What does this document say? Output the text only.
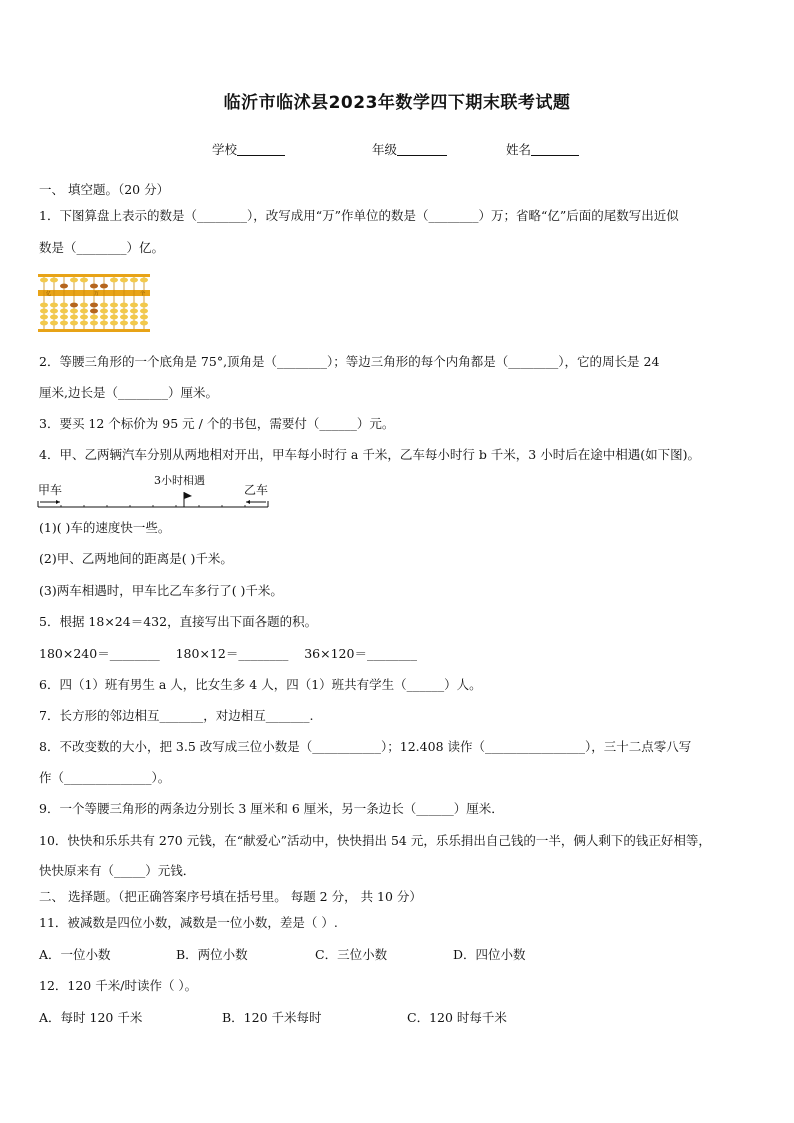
临沂市临沭县2023年数学四下期末联考试题
学校	年级	姓名
一、 填空题。（20 分）
1．下图算盘上表示的数是（________），改写成用“万”作单位的数是（________）万；省略“亿”后面的尾数写出近似
数是（________）亿。
亿	万	个
2．等腰三角形的一个底角是 75°,顶角是（________）；等边三角形的每个内角都是（________），它的周长是 24
厘米,边长是（________）厘米。
3．要买 12 个标价为 95 元 / 个的书包，需要付（______）元。
4．甲、乙两辆汽车分别从两地相对开出，甲车每小时行 a 千米，乙车每小时行 b 千米，3 小时后在途中相遇(如下图)。
甲车	乙车
3小时相遇
(1)( )车的速度快一些。
(2)甲、乙两地间的距离是( )千米。
(3)两车相遇时，甲车比乙车多行了( )千米。
5．根据 18×24＝432，直接写出下面各题的积。
180×240＝________    180×12＝________    36×120＝________
6．四（1）班有男生 a 人，比女生多 4 人，四（1）班共有学生（______）人。
7．长方形的邻边相互_______，对边相互_______.
8．不改变数的大小，把 3.5 改写成三位小数是（___________）；12.408 读作（________________），三十二点零八写
作（______________）。
9．一个等腰三角形的两条边分别长 3 厘米和 6 厘米，另一条边长（______）厘米．
10．快快和乐乐共有 270 元钱，在“献爱心”活动中，快快捐出 54 元，乐乐捐出自己钱的一半，俩人剩下的钱正好相等，
快快原来有（_____）元钱．
二、 选择题。（把正确答案序号填在括号里。 每题 2 分， 共 10 分）
11．被减数是四位小数，减数是一位小数，差是（ ）.
A．一位小数	B．两位小数	C．三位小数	D．四位小数
12．120 千米/时读作（ ）。
A．每时 120 千米	B．120 千米每时	C．120 时每千米
